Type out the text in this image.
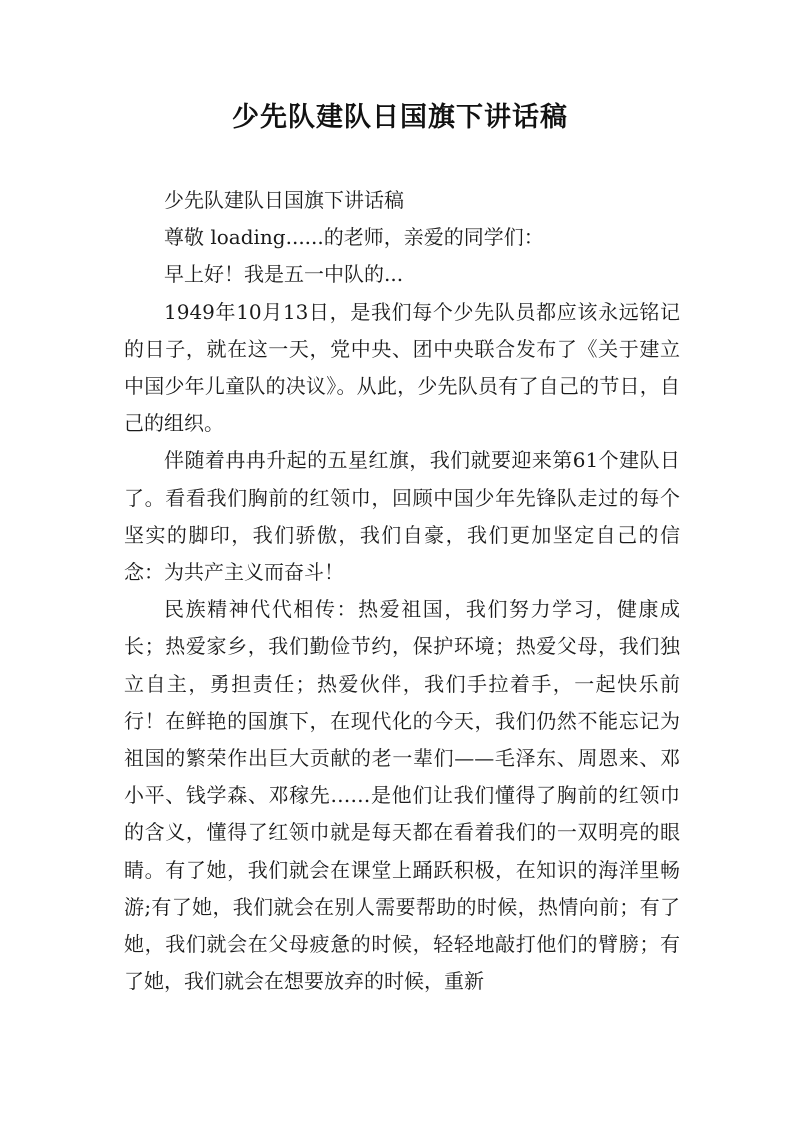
少先队建队日国旗下讲话稿

少先队建队日国旗下讲话稿

尊敬 loading......的老师，亲爱的同学们：

早上好！我是五一中队的...

1949年10月13日，是我们每个少先队员都应该永远铭记的日子，就在这一天，党中央、团中央联合发布了《关于建立中国少年儿童队的决议》。从此，少先队员有了自己的节日，自己的组织。

伴随着冉冉升起的五星红旗，我们就要迎来第61个建队日了。看看我们胸前的红领巾，回顾中国少年先锋队走过的每个坚实的脚印，我们骄傲，我们自豪，我们更加坚定自己的信念：为共产主义而奋斗！

民族精神代代相传：热爱祖国，我们努力学习，健康成长；热爱家乡，我们勤俭节约，保护环境；热爱父母，我们独立自主，勇担责任；热爱伙伴，我们手拉着手，一起快乐前行！在鲜艳的国旗下，在现代化的今天，我们仍然不能忘记为祖国的繁荣作出巨大贡献的老一辈们——毛泽东、周恩来、邓小平、钱学森、邓稼先……是他们让我们懂得了胸前的红领巾的含义，懂得了红领巾就是每天都在看着我们的一双明亮的眼睛。有了她，我们就会在课堂上踊跃积极，在知识的海洋里畅游;有了她，我们就会在别人需要帮助的时候，热情向前；有了她，我们就会在父母疲惫的时候，轻轻地敲打他们的臂膀；有了她，我们就会在想要放弃的时候，重新
